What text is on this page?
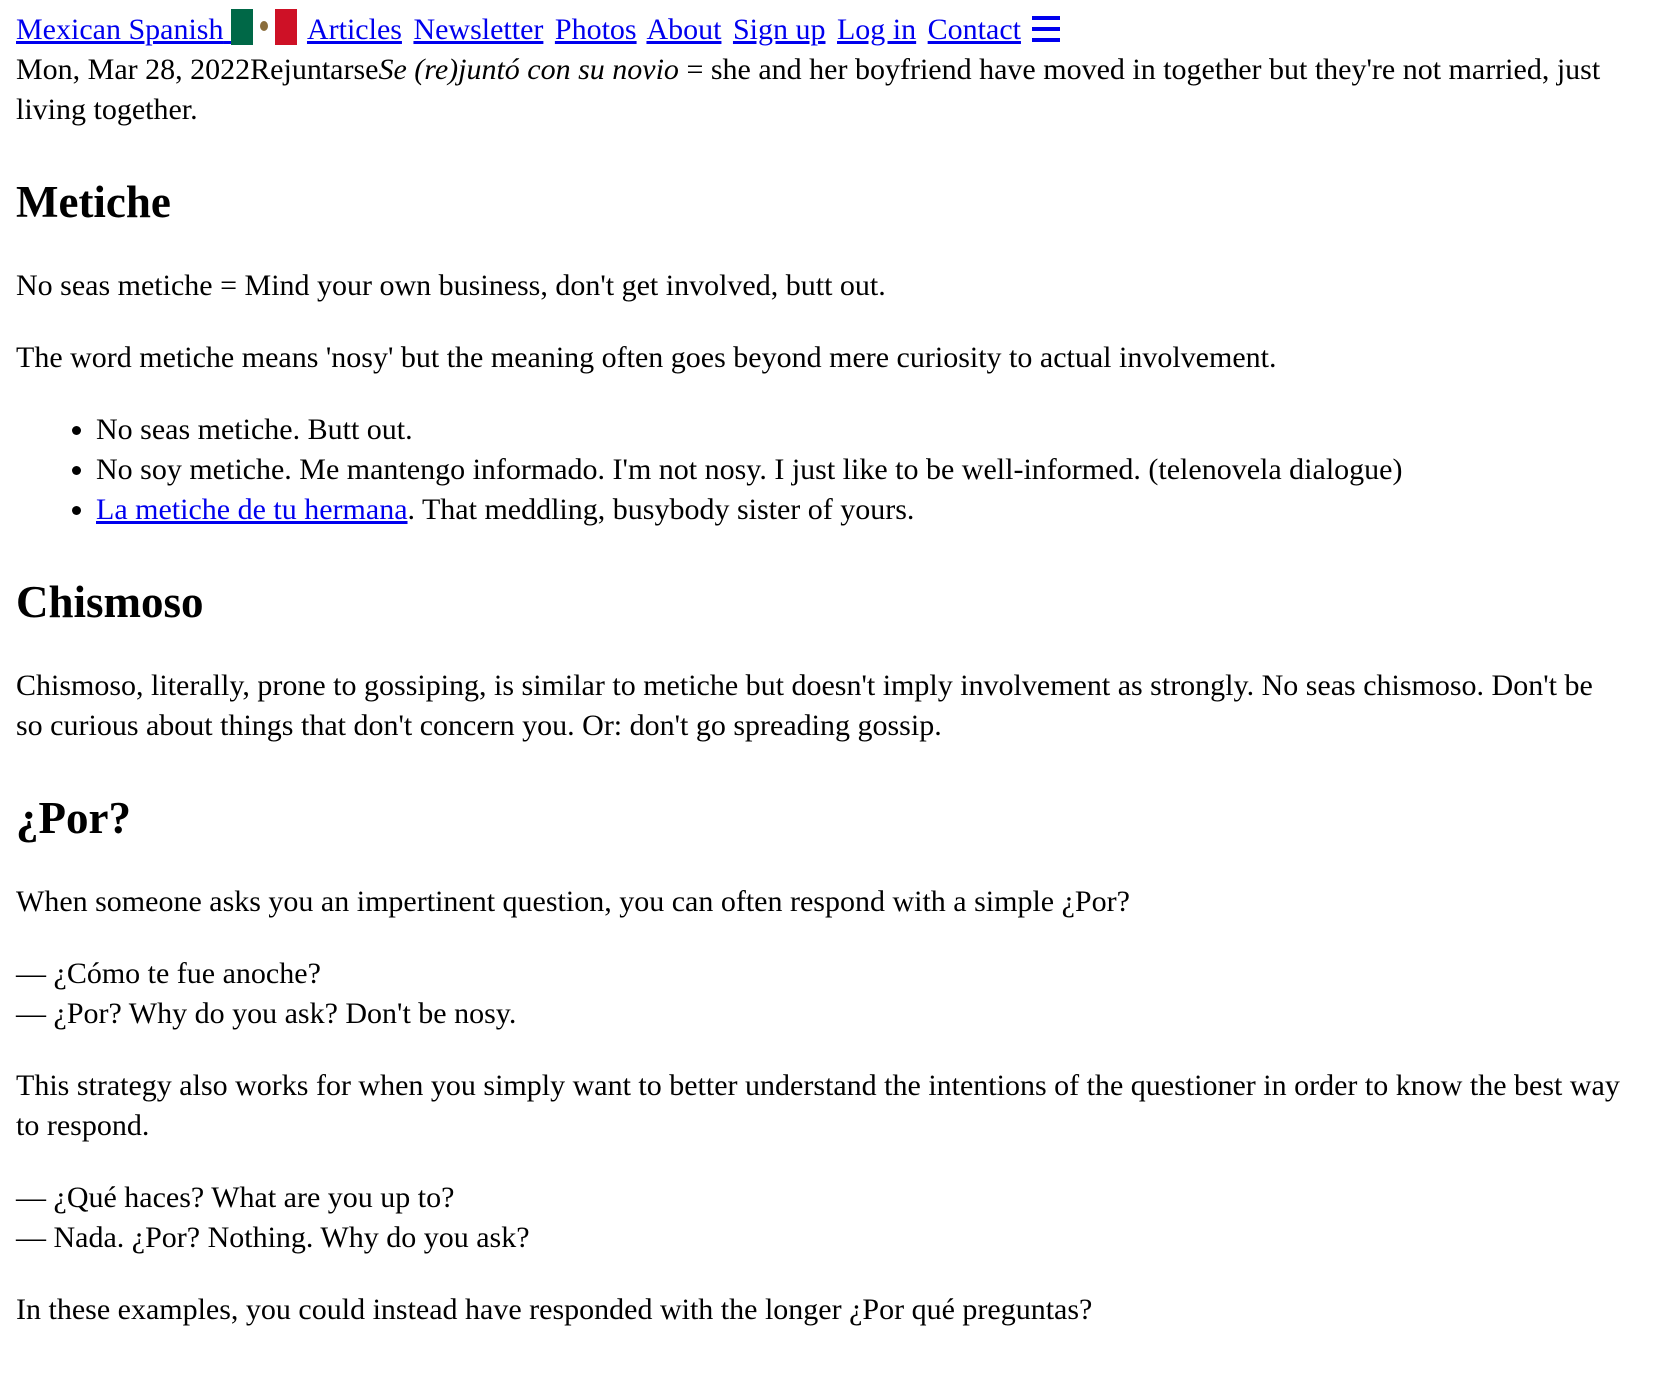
Mexican Spanish	Articles Newsletter Photos About Sign up Log in Contact

Mon, Mar 28, 2022RejuntarseSe (re)juntó con su novio = she and her boyfriend have moved in together but they're not married, just living together.

Metiche

No seas metiche = Mind your own business, don't get involved, butt out.

The word metiche means 'nosy' but the meaning often goes beyond mere curiosity to actual involvement.

• No seas metiche. Butt out.
• No soy metiche. Me mantengo informado. I'm not nosy. I just like to be well-informed. (telenovela dialogue)
• La metiche de tu hermana. That meddling, busybody sister of yours.
Chismoso

Chismoso, literally, prone to gossiping, is similar to metiche but doesn't imply involvement as strongly. No seas chismoso. Don't be so curious about things that don't concern you. Or: don't go spreading gossip.

¿Por?

When someone asks you an impertinent question, you can often respond with a simple ¿Por?

— ¿Cómo te fue anoche?
— ¿Por? Why do you ask? Don't be nosy.

This strategy also works for when you simply want to better understand the intentions of the questioner in order to know the best way to respond.

— ¿Qué haces? What are you up to?
— Nada. ¿Por? Nothing. Why do you ask?

In these examples, you could instead have responded with the longer ¿Por qué preguntas?
